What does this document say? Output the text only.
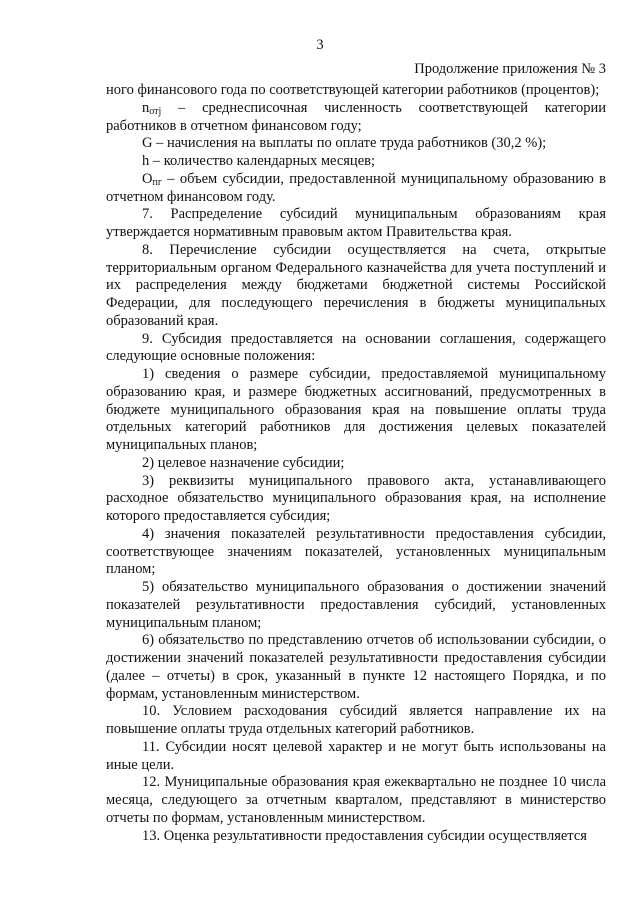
3
Продолжение приложения № 3

ного финансового года по соответствующей категории работников (процентов);

$n_{отj}$ – среднесписочная численность соответствующей категории работников в отчетном финансовом году;

G – начисления на выплаты по оплате труда работников (30,2 %);

h – количество календарных месяцев;

$О_{пг}$ – объем субсидии, предоставленной муниципальному образованию в отчетном финансовом году.

7. Распределение субсидий муниципальным образованиям края утверждается нормативным правовым актом Правительства края.

8. Перечисление субсидии осуществляется на счета, открытые территориальным органом Федерального казначейства для учета поступлений и их распределения между бюджетами бюджетной системы Российской Федерации, для последующего перечисления в бюджеты муниципальных образований края.

9. Субсидия предоставляется на основании соглашения, содержащего следующие основные положения:

1) сведения о размере субсидии, предоставляемой муниципальному образованию края, и размере бюджетных ассигнований, предусмотренных в бюджете муниципального образования края на повышение оплаты труда отдельных категорий работников для достижения целевых показателей муниципальных планов;

2) целевое назначение субсидии;

3) реквизиты муниципального правового акта, устанавливающего расходное обязательство муниципального образования края, на исполнение которого предоставляется субсидия;

4) значения показателей результативности предоставления субсидии, соответствующее значениям показателей, установленных муниципальным планом;

5) обязательство муниципального образования о достижении значений показателей результативности предоставления субсидий, установленных муниципальным планом;

6) обязательство по представлению отчетов об использовании субсидии, о достижении значений показателей результативности предоставления субсидии (далее – отчеты) в срок, указанный в пункте 12 настоящего Порядка, и по формам, установленным министерством.

10. Условием расходования субсидий является направление их на повышение оплаты труда отдельных категорий работников.

11. Субсидии носят целевой характер и не могут быть использованы на иные цели.

12. Муниципальные образования края ежеквартально не позднее 10 числа месяца, следующего за отчетным кварталом, представляют в министерство отчеты по формам, установленным министерством.

13. Оценка результативности предоставления субсидии осуществляется
